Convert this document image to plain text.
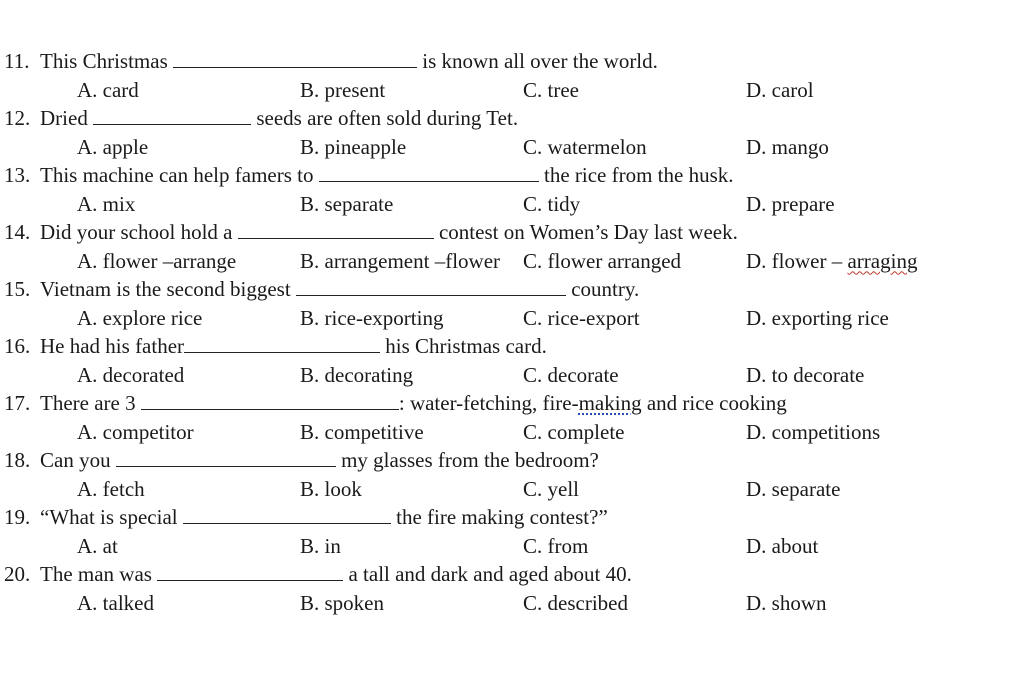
11. This Christmas	is known all over the world.
A. card	B. present	C. tree	D. carol
12. Dried	seeds are often sold during Tet.
A. apple	B. pineapple	C. watermelon	D. mango
13. This machine can help famers to	the rice from the husk.
A. mix	B. separate	C. tidy	D. prepare
14. Did your school hold a	contest on Women’s Day last week.
A. flower –arrange	B. arrangement –flower C. flower arranged	D. flower – arraging
15. Vietnam is the second biggest	country.
A. explore rice	B. rice-exporting	C. rice-export	D. exporting rice
16. He had his father	his Christmas card.
A. decorated	B. decorating	C. decorate	D. to decorate
17. There are 3	: water-fetching, fire-making and rice cooking
A. competitor	B. competitive	C. complete	D. competitions
18. Can you	my glasses from the bedroom?
A. fetch	B. look	C. yell	D. separate
19. “What is special	the fire making contest?”
A. at	B. in	C. from	D. about
20. The man was	a tall and dark and aged about 40.
A. talked	B. spoken	C. described	D. shown
